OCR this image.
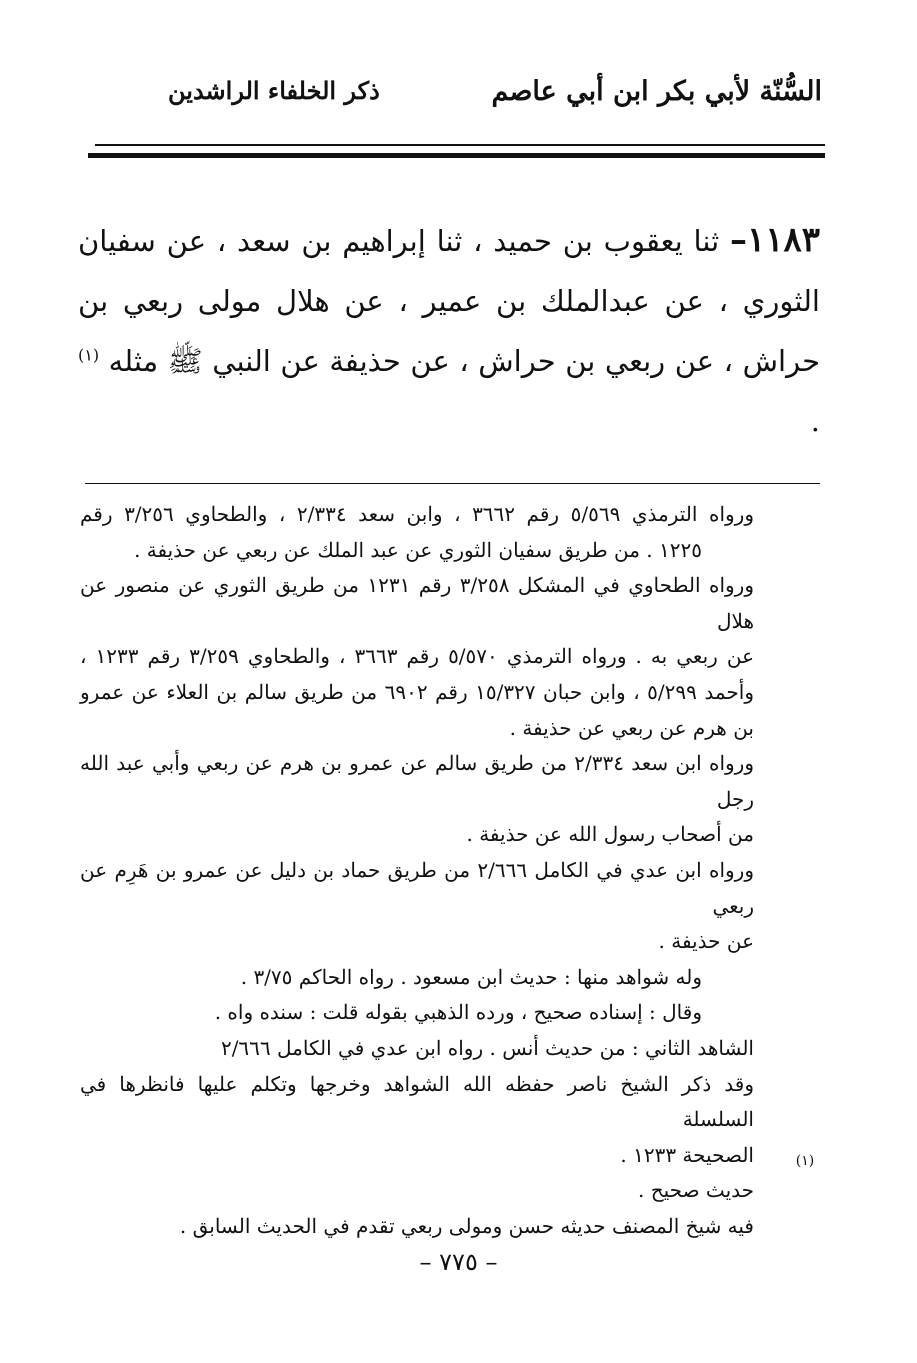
السُّنّة لأبي بكر ابن أبي عاصم
ذكر الخلفاء الراشدين
١١٨٣– ثنا يعقوب بن حميد ، ثنا إبراهيم بن سعد ، عن سفيان الثوري ، عن عبدالملك بن عمير ، عن هلال مولى ربعي بن حراش ، عن ربعي بن حراش ، عن حذيفة عن النبي ﷺ مثله $^{(١)}$ .
(١)

ورواه الترمذي ٥/٥٦٩ رقم ٣٦٦٢ ، وابن سعد ٢/٣٣٤ ، والطحاوي ٣/٢٥٦ رقم

١٢٢٥ . من طريق سفيان الثوري عن عبد الملك عن ربعي عن حذيفة .

ورواه الطحاوي في المشكل ٣/٢٥٨ رقم ١٢٣١ من طريق الثوري عن منصور عن هلال

عن ربعي به . ورواه الترمذي ٥/٥٧٠ رقم ٣٦٦٣ ، والطحاوي ٣/٢٥٩ رقم ١٢٣٣ ،

وأحمد ٥/٢٩٩ ، وابن حبان ١٥/٣٢٧ رقم ٦٩٠٢ من طريق سالم بن العلاء عن عمرو

بن هرم عن ربعي عن حذيفة .

ورواه ابن سعد ٢/٣٣٤ من طريق سالم عن عمرو بن هرم عن ربعي وأبي عبد الله رجل

من أصحاب رسول الله عن حذيفة .

ورواه ابن عدي في الكامل ٢/٦٦٦ من طريق حماد بن دليل عن عمرو بن هَرِم عن ربعي

عن حذيفة .

وله شواهد منها : حديث ابن مسعود . رواه الحاكم ٣/٧٥ .

وقال : إسناده صحيح ، ورده الذهبي بقوله قلت : سنده واه .

الشاهد الثاني : من حديث أنس . رواه ابن عدي في الكامل ٢/٦٦٦

وقد ذكر الشيخ ناصر حفظه الله الشواهد وخرجها وتكلم عليها فانظرها في السلسلة

الصحيحة ١٢٣٣ .

حديث صحيح .

فيه شيخ المصنف حديثه حسن ومولى ربعي تقدم في الحديث السابق .

– ٧٧٥ –
